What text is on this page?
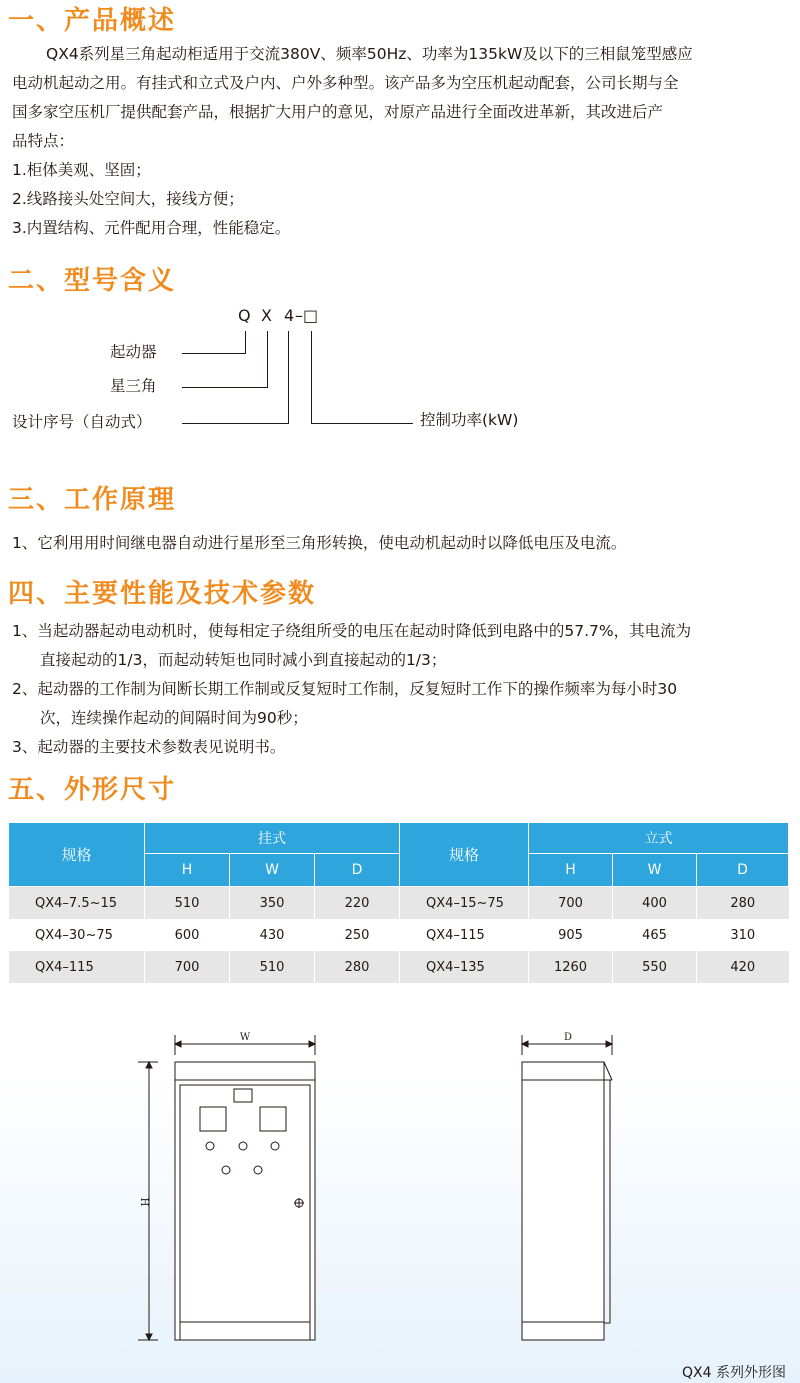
一、产品概述

QX4系列星三角起动柜适用于交流380V、频率50Hz、功率为135kW及以下的三相鼠笼型感应

电动机起动之用。有挂式和立式及户内、户外多种型。该产品多为空压机起动配套，公司长期与全

国多家空压机厂提供配套产品，根据扩大用户的意见，对原产品进行全面改进革新，其改进后产

品特点：

1.柜体美观、坚固；

2.线路接头处空间大，接线方便；

3.内置结构、元件配用合理，性能稳定。

二、型号含义
Q X 4 – □
起动器
星三角
设计序号（自动式）	控制功率(kW)
三、工作原理

1、它利用用时间继电器自动进行星形至三角形转换，使电动机起动时以降低电压及电流。

四、主要性能及技术参数

1、当起动器起动电动机时，使每相定子绕组所受的电压在起动时降低到电路中的57.7%，其电流为

直接起动的1/3，而起动转矩也同时减小到直接起动的1/3；

2、起动器的工作制为间断长期工作制或反复短时工作制，反复短时工作下的操作频率为每小时30

次，连续操作起动的间隔时间为90秒；

3、起动器的主要技术参数表见说明书。

五、外形尺寸
规格	挂式			规格	立式		
	H	W	D		H	W	D
QX4–7.5~15	510	350	220	QX4–15~75	700	400	280
QX4–30~75	600	430	250	QX4–115	905	465	310
QX4–115	700	510	280	QX4–135	1260	550	420
W
H
D
QX4 系列外形图
